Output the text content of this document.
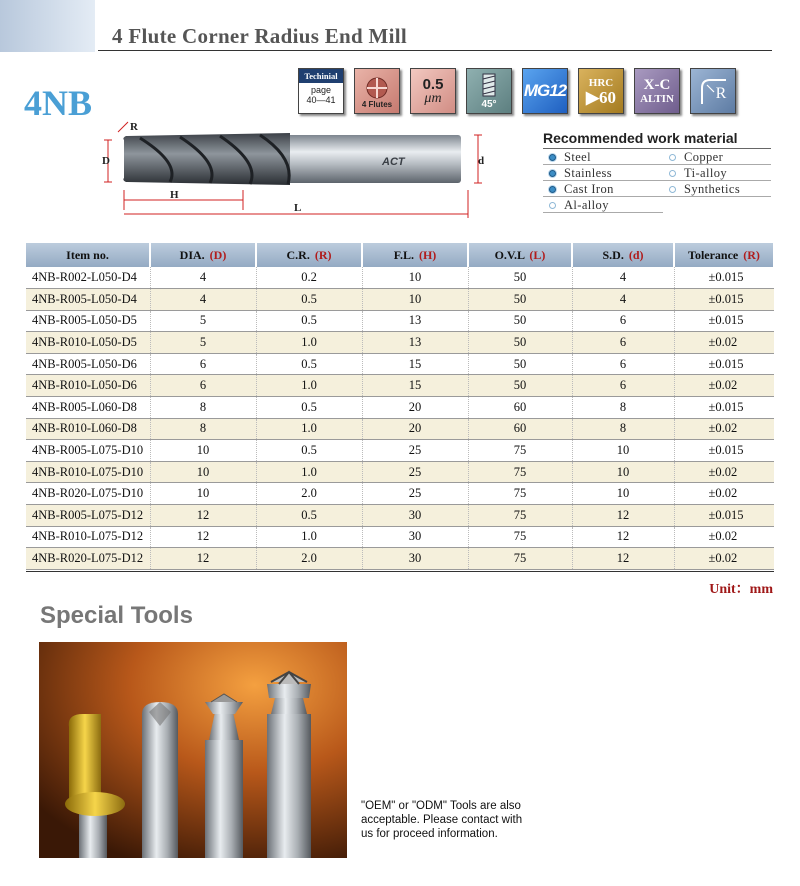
4 Flute Corner Radius End Mill
4NB
Techinial
page
40—41	4 Flutes
0.5
μm	45°
MG12 HRC
▶60
X-C
ALTIN	R
ACT
R
D
H
L
d
Recommended work material
Steel	Copper
Stainless	Ti-alloy
Cast Iron	Synthetics
Al-alloy
Item no.	DIA. (D)	C.R. (R)	F.L. (H)	O.V.L (L)	S.D. (d)	Tolerance (R)
4NB-R002-L050-D4	4	0.2	10	50	4	±0.015
4NB-R005-L050-D4	4	0.5	10	50	4	±0.015
4NB-R005-L050-D5	5	0.5	13	50	6	±0.015
4NB-R010-L050-D5	5	1.0	13	50	6	±0.02
4NB-R005-L050-D6	6	0.5	15	50	6	±0.015
4NB-R010-L050-D6	6	1.0	15	50	6	±0.02
4NB-R005-L060-D8	8	0.5	20	60	8	±0.015
4NB-R010-L060-D8	8	1.0	20	60	8	±0.02
4NB-R005-L075-D10	10	0.5	25	75	10	±0.015
4NB-R010-L075-D10	10	1.0	25	75	10	±0.02
4NB-R020-L075-D10	10	2.0	25	75	10	±0.02
4NB-R005-L075-D12	12	0.5	30	75	12	±0.015
4NB-R010-L075-D12	12	1.0	30	75	12	±0.02
4NB-R020-L075-D12	12	2.0	30	75	12	±0.02
Unit：mm
Special Tools
"OEM" or "ODM" Tools are also acceptable. Please contact with us for proceed information.
